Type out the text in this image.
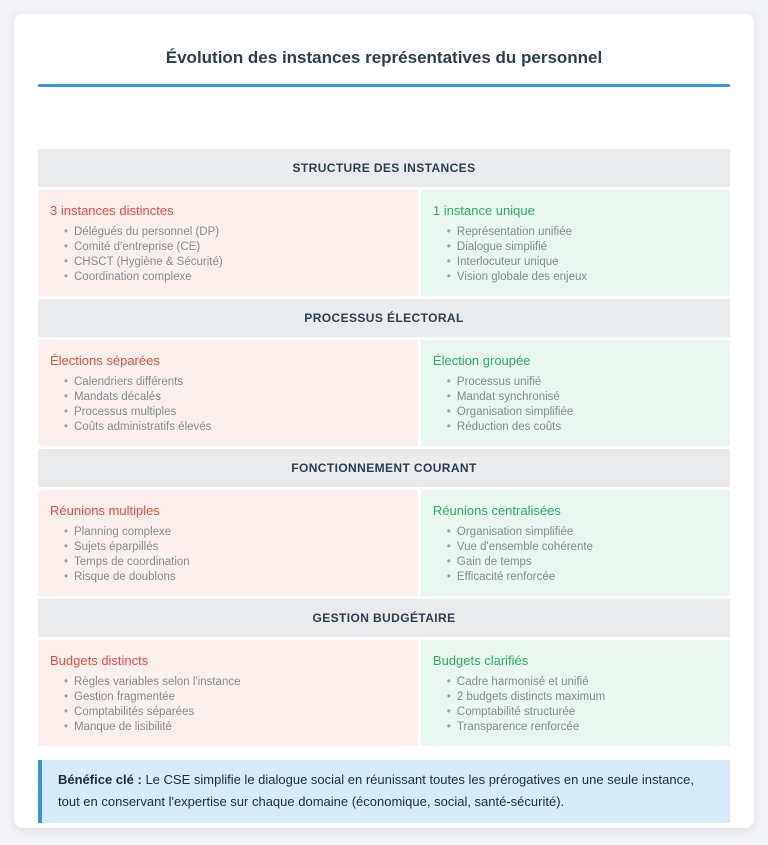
Évolution des instances représentatives du personnel
STRUCTURE DES INSTANCES
3 instances distinctes
• Délégués du personnel (DP)
• Comité d'entreprise (CE)
• CHSCT (Hygiène & Sécurité)
• Coordination complexe
1 instance unique
• Représentation unifiée
• Dialogue simplifié
• Interlocuteur unique
• Vision globale des enjeux
PROCESSUS ÉLECTORAL
Élections séparées
• Calendriers différents
• Mandats décalés
• Processus multiples
• Coûts administratifs élevés
Élection groupée
• Processus unifié
• Mandat synchronisé
• Organisation simplifiée
• Réduction des coûts
FONCTIONNEMENT COURANT
Réunions multiples
• Planning complexe
• Sujets éparpillés
• Temps de coordination
• Risque de doublons
Réunions centralisées
• Organisation simplifiée
• Vue d'ensemble cohérente
• Gain de temps
• Efficacité renforcée
GESTION BUDGÉTAIRE
Budgets distincts
• Règles variables selon l'instance
• Gestion fragmentée
• Comptabilités séparées
• Manque de lisibilité
Budgets clarifiés
• Cadre harmonisé et unifié
• 2 budgets distincts maximum
• Comptabilité structurée
• Transparence renforcée
Bénéfice clé : Le CSE simplifie le dialogue social en réunissant toutes les prérogatives en une seule instance, tout en conservant l'expertise sur chaque domaine (économique, social, santé-sécurité).
